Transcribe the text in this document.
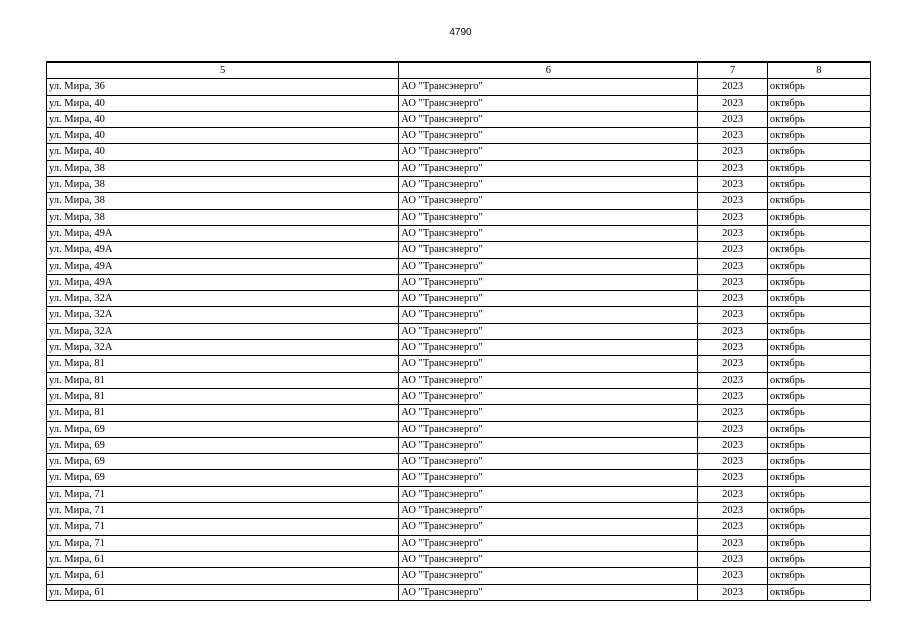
4790
5	6	7	8
ул. Мира, 36	АО "Трансэнерго"	2023	октябрь
ул. Мира, 40	АО "Трансэнерго"	2023	октябрь
ул. Мира, 40	АО "Трансэнерго"	2023	октябрь
ул. Мира, 40	АО "Трансэнерго"	2023	октябрь
ул. Мира, 40	АО "Трансэнерго"	2023	октябрь
ул. Мира, 38	АО "Трансэнерго"	2023	октябрь
ул. Мира, 38	АО "Трансэнерго"	2023	октябрь
ул. Мира, 38	АО "Трансэнерго"	2023	октябрь
ул. Мира, 38	АО "Трансэнерго"	2023	октябрь
ул. Мира, 49А	АО "Трансэнерго"	2023	октябрь
ул. Мира, 49А	АО "Трансэнерго"	2023	октябрь
ул. Мира, 49А	АО "Трансэнерго"	2023	октябрь
ул. Мира, 49А	АО "Трансэнерго"	2023	октябрь
ул. Мира, 32А	АО "Трансэнерго"	2023	октябрь
ул. Мира, 32А	АО "Трансэнерго"	2023	октябрь
ул. Мира, 32А	АО "Трансэнерго"	2023	октябрь
ул. Мира, 32А	АО "Трансэнерго"	2023	октябрь
ул. Мира, 81	АО "Трансэнерго"	2023	октябрь
ул. Мира, 81	АО "Трансэнерго"	2023	октябрь
ул. Мира, 81	АО "Трансэнерго"	2023	октябрь
ул. Мира, 81	АО "Трансэнерго"	2023	октябрь
ул. Мира, 69	АО "Трансэнерго"	2023	октябрь
ул. Мира, 69	АО "Трансэнерго"	2023	октябрь
ул. Мира, 69	АО "Трансэнерго"	2023	октябрь
ул. Мира, 69	АО "Трансэнерго"	2023	октябрь
ул. Мира, 71	АО "Трансэнерго"	2023	октябрь
ул. Мира, 71	АО "Трансэнерго"	2023	октябрь
ул. Мира, 71	АО "Трансэнерго"	2023	октябрь
ул. Мира, 71	АО "Трансэнерго"	2023	октябрь
ул. Мира, 61	АО "Трансэнерго"	2023	октябрь
ул. Мира, 61	АО "Трансэнерго"	2023	октябрь
ул. Мира, 61	АО "Трансэнерго"	2023	октябрь
